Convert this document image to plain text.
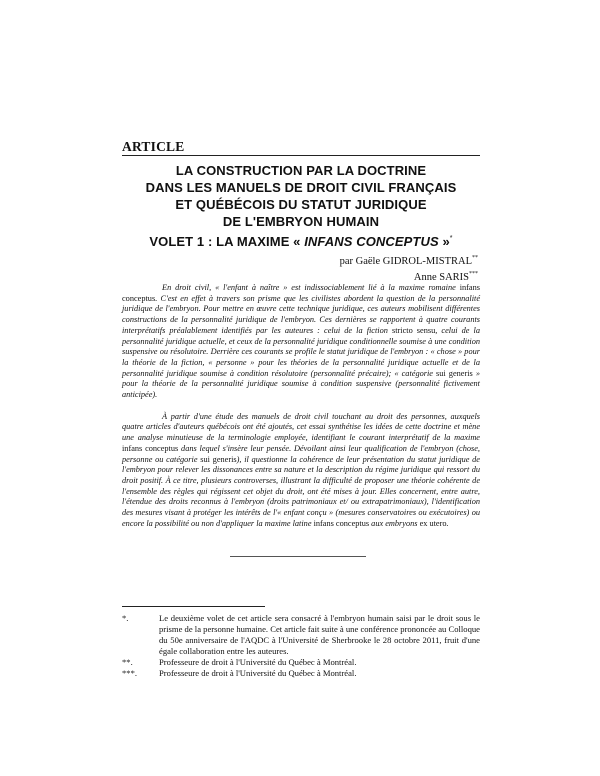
ARTICLE
LA CONSTRUCTION PAR LA DOCTRINE
DANS LES MANUELS DE DROIT CIVIL FRANÇAIS
ET QUÉBÉCOIS DU STATUT JURIDIQUE
DE L'EMBRYON HUMAIN
VOLET 1 : LA MAXIME « INFANS CONCEPTUS »*
par Gaële GIDROL-MISTRAL**
Anne SARIS***

En droit civil, « l'enfant à naître » est indissociablement lié à la maxime romaine infans conceptus. C'est en effet à travers son prisme que les civilistes abordent la question de la personnalité juridique de l'embryon. Pour mettre en œuvre cette technique juridique, ces auteurs mobilisent différentes constructions de la personnalité juridique de l'embryon. Ces dernières se rapportent à quatre courants interprétatifs préalablement identifiés par les auteures : celui de la fiction stricto sensu, celui de la personnalité juridique actuelle, et ceux de la personnalité juridique conditionnelle soumise à une condition suspensive ou résolutoire. Derrière ces courants se profile le statut juridique de l'embryon : « chose » pour la théorie de la fiction, « personne » pour les théories de la personnalité juridique actuelle et de la personnalité juridique soumise à condition résolutoire (personnalité précaire); « catégorie sui generis » pour la théorie de la personnalité juridique soumise à condition suspensive (personnalité fictivement anticipée).

À partir d'une étude des manuels de droit civil touchant au droit des personnes, auxquels quatre articles d'auteurs québécois ont été ajoutés, cet essai synthétise les idées de cette doctrine et mène une analyse minutieuse de la terminologie employée, identifiant le courant interprétatif de la maxime infans conceptus dans lequel s'insère leur pensée. Dévoilant ainsi leur qualification de l'embryon (chose, personne ou catégorie sui generis), il questionne la cohérence de leur présentation du statut juridique de l'embryon pour relever les dissonances entre sa nature et la description du régime juridique qui ressort du droit positif. À ce titre, plusieurs controverses, illustrant la difficulté de proposer une théorie cohérente de l'ensemble des règles qui régissent cet objet du droit, ont été mises à jour. Elles concernent, entre autre, l'étendue des droits reconnus à l'embryon (droits patrimoniaux et/ ou extrapatrimoniaux), l'identification des mesures visant à protéger les intérêts de l'« enfant conçu » (mesures conservatoires ou exécutoires) ou encore la possibilité ou non d'appliquer la maxime latine infans conceptus aux embryons ex utero.

*.	Le deuxième volet de cet article sera consacré à l'embryon humain saisi par le droit sous le prisme de la personne humaine. Cet article fait suite à une conférence prononcée au Colloque du 50e anniversaire de l'AQDC à l'Université de Sherbrooke le 28 octobre 2011, fruit d'une égale collaboration entre les auteures.
**.	Professeure de droit à l'Université du Québec à Montréal.
***.	Professeure de droit à l'Université du Québec à Montréal.
